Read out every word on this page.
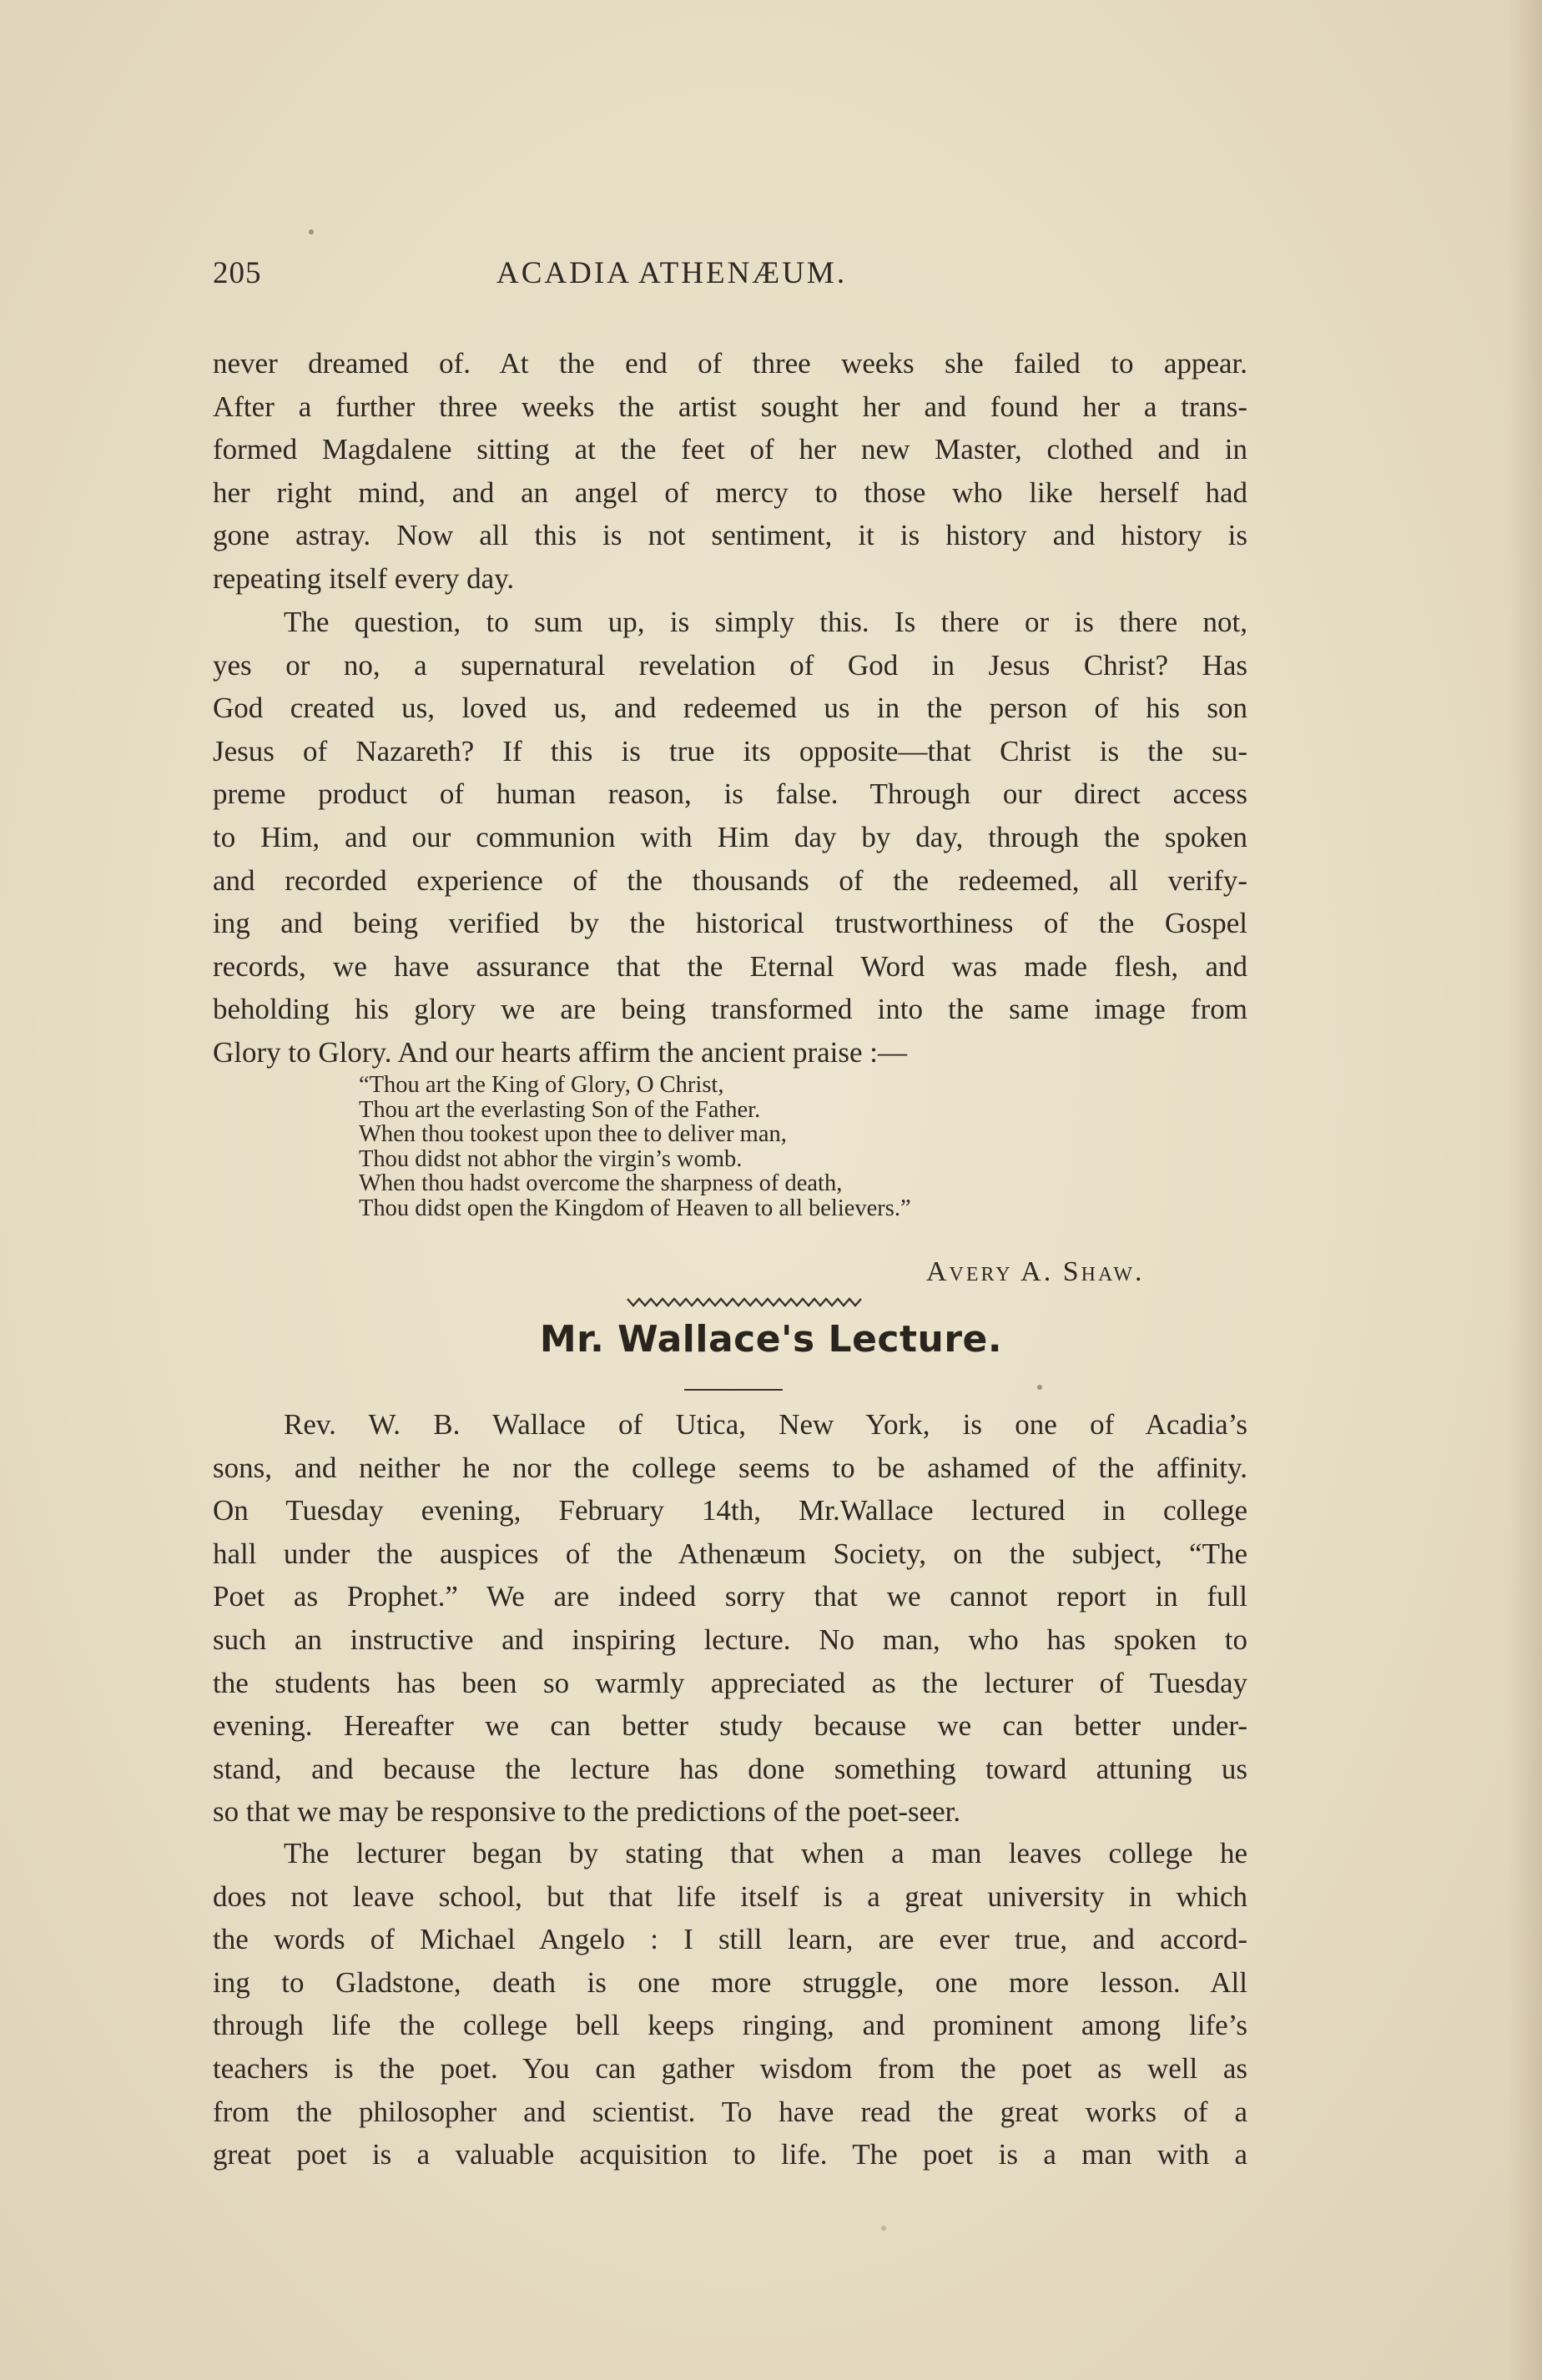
205	ACADIA ATHENÆUM.
never dreamed of. At the end of three weeks she failed to appear.
After a further three weeks the artist sought her and found her a trans-
formed Magdalene sitting at the feet of her new Master, clothed and in
her right mind, and an angel of mercy to those who like herself had
gone astray. Now all this is not sentiment, it is history and history is
repeating itself every day.
The question, to sum up, is simply this. Is there or is there not,
yes or no, a supernatural revelation of God in Jesus Christ? Has
God created us, loved us, and redeemed us in the person of his son
Jesus of Nazareth? If this is true its opposite—that Christ is the su-
preme product of human reason, is false. Through our direct access
to Him, and our communion with Him day by day, through the spoken
and recorded experience of the thousands of the redeemed, all verify-
ing and being verified by the historical trustworthiness of the Gospel
records, we have assurance that the Eternal Word was made flesh, and
beholding his glory we are being transformed into the same image from
Glory to Glory. And our hearts affirm the ancient praise :—
“Thou art the King of Glory, O Christ,
Thou art the everlasting Son of the Father.
When thou tookest upon thee to deliver man,
Thou didst not abhor the virgin’s womb.
When thou hadst overcome the sharpness of death,
Thou didst open the Kingdom of Heaven to all believers.”
Avery A. Shaw.
Mr. Wallace's Lecture.
Rev. W. B. Wallace of Utica, New York, is one of Acadia’s
sons, and neither he nor the college seems to be ashamed of the affinity.
On Tuesday evening, February 14th, Mr.Wallace lectured in college
hall under the auspices of the Athenæum Society, on the subject, “The
Poet as Prophet.” We are indeed sorry that we cannot report in full
such an instructive and inspiring lecture. No man, who has spoken to
the students has been so warmly appreciated as the lecturer of Tuesday
evening. Hereafter we can better study because we can better under-
stand, and because the lecture has done something toward attuning us
so that we may be responsive to the predictions of the poet-seer.
The lecturer began by stating that when a man leaves college he
does not leave school, but that life itself is a great university in which
the words of Michael Angelo : I still learn, are ever true, and accord-
ing to Gladstone, death is one more struggle, one more lesson. All
through life the college bell keeps ringing, and prominent among life’s
teachers is the poet. You can gather wisdom from the poet as well as
from the philosopher and scientist. To have read the great works of a
great poet is a valuable acquisition to life. The poet is a man with a
